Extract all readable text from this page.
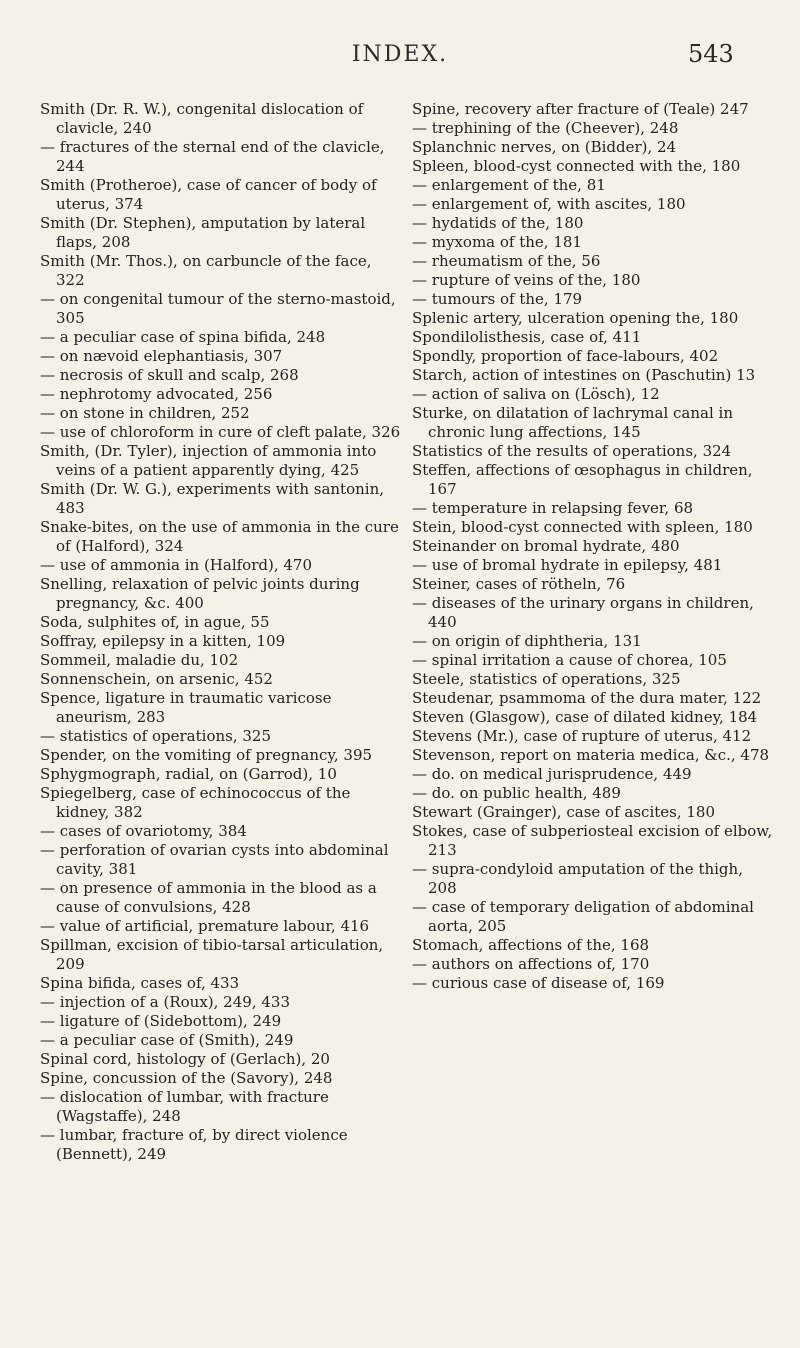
INDEX.	543

Smith (Dr. R. W.), congenital dislocation of clavicle, 240

— fractures of the sternal end of the clavicle, 244

Smith (Protheroe), case of cancer of body of uterus, 374

Smith (Dr. Stephen), amputation by lateral flaps, 208

Smith (Mr. Thos.), on carbuncle of the face, 322

— on congenital tumour of the sterno-mastoid, 305

— a peculiar case of spina bifida, 248

— on nævoid elephantiasis, 307

— necrosis of skull and scalp, 268

— nephrotomy advocated, 256

— on stone in children, 252

— use of chloroform in cure of cleft palate, 326

Smith, (Dr. Tyler), injection of ammonia into veins of a patient apparently dying, 425

Smith (Dr. W. G.), experiments with santonin, 483

Snake-bites, on the use of ammonia in the cure of (Halford), 324

— use of ammonia in (Halford), 470

Snelling, relaxation of pelvic joints during pregnancy, &c. 400

Soda, sulphites of, in ague, 55

Soffray, epilepsy in a kitten, 109

Sommeil, maladie du, 102

Sonnenschein, on arsenic, 452

Spence, ligature in traumatic varicose aneurism, 283

— statistics of operations, 325

Spender, on the vomiting of pregnancy, 395

Sphygmograph, radial, on (Garrod), 10

Spiegelberg, case of echinococcus of the kidney, 382

— cases of ovariotomy, 384

— perforation of ovarian cysts into abdominal cavity, 381

— on presence of ammonia in the blood as a cause of convulsions, 428

— value of artificial, premature labour, 416

Spillman, excision of tibio-tarsal articulation, 209

Spina bifida, cases of, 433

— injection of a (Roux), 249, 433

— ligature of (Sidebottom), 249

— a peculiar case of (Smith), 249

Spinal cord, histology of (Gerlach), 20

Spine, concussion of the (Savory), 248

— dislocation of lumbar, with fracture (Wagstaffe), 248

— lumbar, fracture of, by direct violence (Bennett), 249

Spine, recovery after fracture of (Teale) 247

— trephining of the (Cheever), 248

Splanchnic nerves, on (Bidder), 24

Spleen, blood-cyst connected with the, 180

— enlargement of the, 81

— enlargement of, with ascites, 180

— hydatids of the, 180

— myxoma of the, 181

— rheumatism of the, 56

— rupture of veins of the, 180

— tumours of the, 179

Splenic artery, ulceration opening the, 180

Spondilolisthesis, case of, 411

Spondly, proportion of face-labours, 402

Starch, action of intestines on (Paschutin) 13

— action of saliva on (Lösch), 12

Sturke, on dilatation of lachrymal canal in chronic lung affections, 145

Statistics of the results of operations, 324

Steffen, affections of œsophagus in children, 167

— temperature in relapsing fever, 68

Stein, blood-cyst connected with spleen, 180

Steinander on bromal hydrate, 480

— use of bromal hydrate in epilepsy, 481

Steiner, cases of rötheln, 76

— diseases of the urinary organs in children, 440

— on origin of diphtheria, 131

— spinal irritation a cause of chorea, 105

Steele, statistics of operations, 325

Steudenar, psammoma of the dura mater, 122

Steven (Glasgow), case of dilated kidney, 184

Stevens (Mr.), case of rupture of uterus, 412

Stevenson, report on materia medica, &c., 478

— do. on medical jurisprudence, 449

— do. on public health, 489

Stewart (Grainger), case of ascites, 180

Stokes, case of subperiosteal excision of elbow, 213

— supra-condyloid amputation of the thigh, 208

— case of temporary deligation of abdominal aorta, 205

Stomach, affections of the, 168

— authors on affections of, 170

— curious case of disease of, 169
